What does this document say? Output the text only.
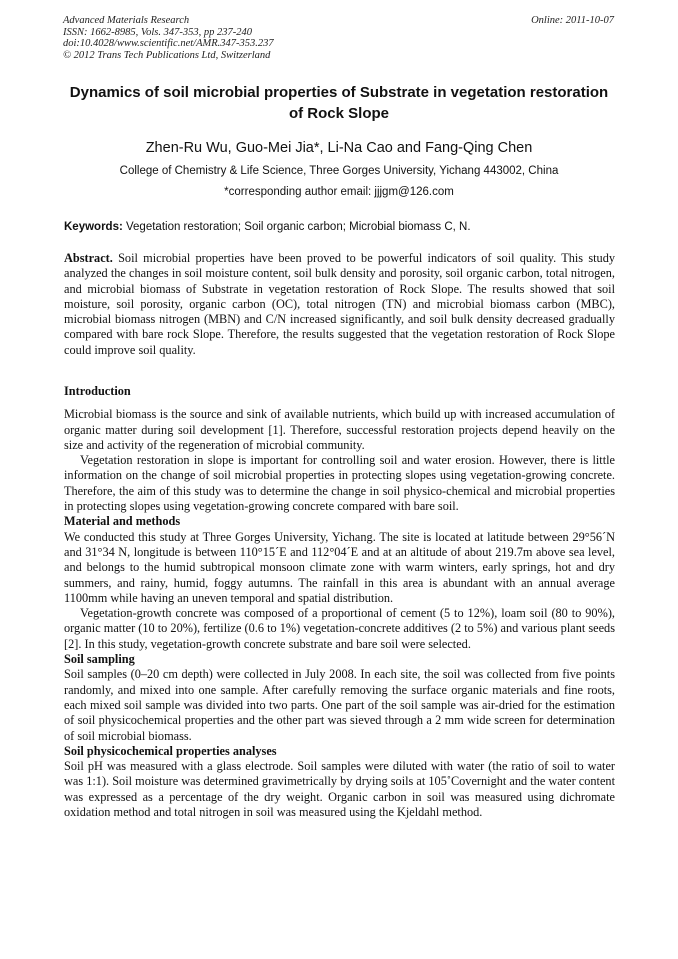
Advanced Materials Research
ISSN: 1662-8985, Vols. 347-353, pp 237-240
doi:10.4028/www.scientific.net/AMR.347-353.237
© 2012 Trans Tech Publications Ltd, Switzerland
Online: 2011-10-07
Dynamics of soil microbial properties of Substrate in vegetation restoration of Rock Slope
Zhen-Ru Wu, Guo-Mei Jia*, Li-Na Cao and Fang-Qing Chen
College of Chemistry & Life Science, Three Gorges University, Yichang 443002, China
*corresponding author email: jjjgm@126.com
Keywords: Vegetation restoration; Soil organic carbon; Microbial biomass C, N.

Abstract. Soil microbial properties have been proved to be powerful indicators of soil quality. This study analyzed the changes in soil moisture content, soil bulk density and porosity, soil organic carbon, total nitrogen, and microbial biomass of Substrate in vegetation restoration of Rock Slope. The results showed that soil moisture, soil porosity, organic carbon (OC), total nitrogen (TN) and microbial biomass carbon (MBC), microbial biomass nitrogen (MBN) and C/N increased significantly, and soil bulk density decreased gradually compared with bare rock Slope. Therefore, the results suggested that the vegetation restoration of Rock Slope could improve soil quality.

Introduction

Microbial biomass is the source and sink of available nutrients, which build up with increased accumulation of organic matter during soil development [1]. Therefore, successful restoration projects depend heavily on the size and activity of the regeneration of microbial community.

Vegetation restoration in slope is important for controlling soil and water erosion. However, there is little information on the change of soil microbial properties in protecting slopes using vegetation-growing concrete. Therefore, the aim of this study was to determine the change in soil physico-chemical and microbial properties in protecting slopes using vegetation-growing concrete compared with bare soil.

Material and methods

We conducted this study at Three Gorges University, Yichang. The site is located at latitude between 29°56´N and 31°34 N, longitude is between 110°15´E and 112°04´E and at an altitude of about 219.7m above sea level, and belongs to the humid subtropical monsoon climate zone with warm winters, early springs, hot and dry summers, and rainy, humid, foggy autumns. The rainfall in this area is abundant with an annual average 1100mm while having an uneven temporal and spatial distribution.

Vegetation-growth concrete was composed of a proportional of cement (5 to 12%), loam soil (80 to 90%), organic matter (10 to 20%), fertilize (0.6 to 1%) vegetation-concrete additives (2 to 5%) and various plant seeds [2]. In this study, vegetation-growth concrete substrate and bare soil were selected.

Soil sampling

Soil samples (0–20 cm depth) were collected in July 2008. In each site, the soil was collected from five points randomly, and mixed into one sample. After carefully removing the surface organic materials and fine roots, each mixed soil sample was divided into two parts. One part of the soil sample was air-dried for the estimation of soil physicochemical properties and the other part was sieved through a 2 mm wide screen for determination of soil microbial biomass.

Soil physicochemical properties analyses

Soil pH was measured with a glass electrode. Soil samples were diluted with water (the ratio of soil to water was 1:1). Soil moisture was determined gravimetrically by drying soils at 105˚Covernight and the water content was expressed as a percentage of the dry weight. Organic carbon in soil was measured using dichromate oxidation method and total nitrogen in soil was measured using the Kjeldahl method.
